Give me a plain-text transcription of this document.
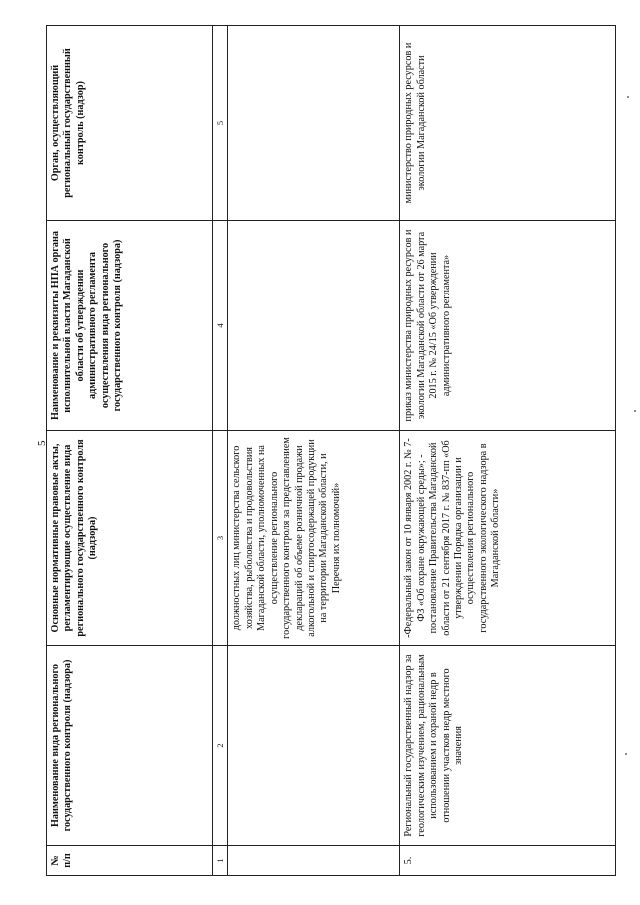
5
№ п/п	Наименование вида регионального государственного контроля (надзора)	Основные нормативные правовые акты, регламентирующие осуществление вида регионального государственного контроля (надзора)	Наименование и реквизиты НПА органа исполнительной власти Магаданской области об утверждении административного регламента осуществления вида регионального государственного контроля (надзора)	Орган, осуществляющий региональный государственный контроль (надзор)
1	2	3	4	5
		должностных лиц министерства сельского хозяйства, рыболовства и продовольствия Магаданской области, уполномоченных на осуществление регионального государственного контроля за представлением деклараций об объеме розничной продажи алкогольной и спиртосодержащей продукции на территории Магаданской области, и Перечня их полномочий»		
5.	Региональный государственный надзор за геологическим изучением, рациональным использованием и охраной недр в отношении участков недр местного значения	-Федеральный закон от 10 января 2002 г. № 7-ФЗ «Об охране окружающей среды»; - постановление Правительства Магаданской области от 21 сентября 2017 г. № 837-пп «Об утверждении Порядка организации и осуществления регионального государственного экологического надзора в Магаданской области»	приказ министерства природных ресурсов и экологии Магаданской области от 26 марта 2015 г. № 24/15 «Об утверждении административного регламента»	министерство природных ресурсов и экологии Магаданской области
